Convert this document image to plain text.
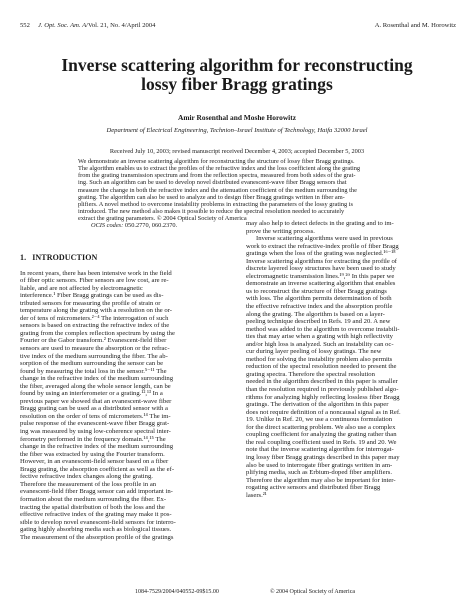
552 J. Opt. Soc. Am. A/Vol. 21, No. 4/April 2004	A. Rosenthal and M. Horowitz
Inverse scattering algorithm for reconstructing
lossy fiber Bragg gratings
Amir Rosenthal and Moshe Horowitz
Department of Electrical Engineering, Technion–Israel Institute of Technology, Haifa 32000 Israel
Received July 10, 2003; revised manuscript received December 4, 2003; accepted December 5, 2003
We demonstrate an inverse scattering algorithm for reconstructing the structure of lossy fiber Bragg gratings.
The algorithm enables us to extract the profiles of the refractive index and the loss coefficient along the grating
from the grating transmission spectrum and from the reflection spectra, measured from both sides of the grat-
ing. Such an algorithm can be used to develop novel distributed evanescent-wave fiber Bragg sensors that
measure the change in both the refractive index and the attenuation coefficient of the medium surrounding the
grating. The algorithm can also be used to analyze and to design fiber Bragg gratings written in fiber am-
plifiers. A novel method to overcome instability problems in extracting the parameters of the lossy grating is
introduced. The new method also makes it possible to reduce the spectral resolution needed to accurately
extract the grating parameters. © 2004 Optical Society of America
OCIS codes: 050.2770, 060.2370.
1. INTRODUCTION
In recent years, there has been intensive work in the field
of fiber optic sensors. Fiber sensors are low cost, are re-
liable, and are not affected by electromagnetic
interference.¹ Fiber Bragg gratings can be used as dis-
tributed sensors for measuring the profile of strain or
temperature along the grating with a resolution on the or-
der of tens of micrometers.²⁻⁴ The interrogation of such
sensors is based on extracting the refractive index of the
grating from the complex reflection spectrum by using the
Fourier or the Gabor transform.² Evanescent-field fiber
sensors are used to measure the absorption or the refrac-
tive index of the medium surrounding the fiber. The ab-
sorption of the medium surrounding the sensor can be
found by measuring the total loss in the sensor.⁵⁻¹¹ The
change in the refractive index of the medium surrounding
the fiber, averaged along the whole sensor length, can be
found by using an interferometer or a grating.¹²,¹³ In a
previous paper we showed that an evanescent-wave fiber
Bragg grating can be used as a distributed sensor with a
resolution on the order of tens of micrometers.¹⁴ The im-
pulse response of the evanescent-wave fiber Bragg grat-
ing was measured by using low-coherence spectral inter-
ferometry performed in the frequency domain.¹⁴,¹⁵ The
change in the refractive index of the medium surrounding
the fiber was extracted by using the Fourier transform.
However, in an evanescent-field sensor based on a fiber
Bragg grating, the absorption coefficient as well as the ef-
fective refractive index changes along the grating.
Therefore the measurement of the loss profile in an
evanescent-field fiber Bragg sensor can add important in-
formation about the medium surrounding the fiber. Ex-
tracting the spatial distribution of both the loss and the
effective refractive index of the grating may make it pos-
sible to develop novel evanescent-field sensors for interro-
gating highly absorbing media such as biological tissues.
The measurement of the absorption profile of the gratings
may also help to detect defects in the grating and to im-
prove the writing process.
Inverse scattering algorithms were used in previous
work to extract the refractive-index profile of fiber Bragg
gratings when the loss of the grating was neglected.¹⁶⁻¹⁸
Inverse scattering algorithms for extracting the profile of
discrete layered lossy structures have been used to study
electromagnetic transmission lines.¹⁹,²⁰ In this paper we
demonstrate an inverse scattering algorithm that enables
us to reconstruct the structure of fiber Bragg gratings
with loss. The algorithm permits determination of both
the effective refractive index and the absorption profile
along the grating. The algorithm is based on a layer-
peeling technique described in Refs. 19 and 20. A new
method was added to the algorithm to overcome instabili-
ties that may arise when a grating with high reflectivity
and/or high loss is analyzed. Such an instability can oc-
cur during layer peeling of lossy gratings. The new
method for solving the instability problem also permits
reduction of the spectral resolution needed to present the
grating spectra. Therefore the spectral resolution
needed in the algorithm described in this paper is smaller
than the resolution required in previously published algo-
rithms for analyzing highly reflecting lossless fiber Bragg
gratings. The derivation of the algorithm in this paper
does not require definition of a noncausal signal as in Ref.
19. Unlike in Ref. 20, we use a continuous formulation
for the direct scattering problem. We also use a complex
coupling coefficient for analyzing the grating rather than
the real coupling coefficient used in Refs. 19 and 20. We
note that the inverse scattering algorithm for interrogat-
ing lossy fiber Bragg gratings described in this paper may
also be used to interrogate fiber gratings written in am-
plifying media, such as Erbium-doped fiber amplifiers.
Therefore the algorithm may also be important for inter-
rogating active sensors and distributed fiber Bragg
lasers.²¹
1084-7529/2004/040552-09$15.00	© 2004 Optical Society of America
